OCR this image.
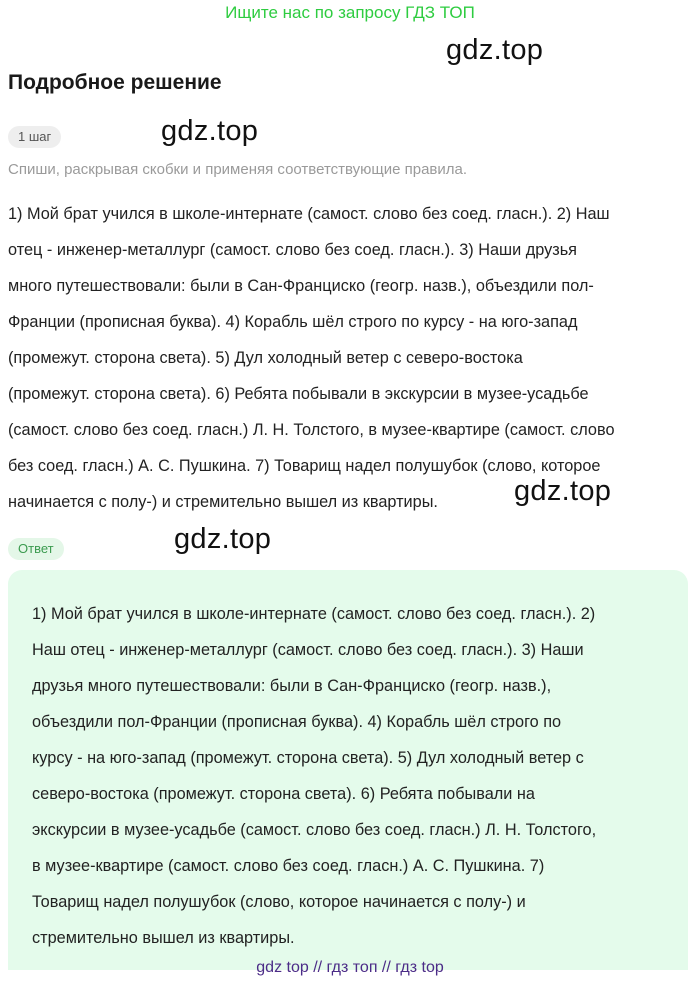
Ищите нас по запросу ГДЗ ТОП
gdz.top
gdz.top
gdz.top
gdz.top
Подробное решение
1 шаг
Спиши, раскрывая скобки и применяя соответствующие правила.
1) Мой брат учился в школе-интернате (самост. слово без соед. гласн.). 2) Наш
отец - инженер-металлург (самост. слово без соед. гласн.). 3) Наши друзья
много путешествовали: были в Сан-Франциско (геогр. назв.), объездили пол-
Франции (прописная буква). 4) Корабль шёл строго по курсу - на юго-запад
(промежут. сторона света). 5) Дул холодный ветер с северо-востока
(промежут. сторона света). 6) Ребята побывали в экскурсии в музее-усадьбе
(самост. слово без соед. гласн.) Л. Н. Толстого, в музее-квартире (самост. слово
без соед. гласн.) А. С. Пушкина. 7) Товарищ надел полушубок (слово, которое
начинается с полу-) и стремительно вышел из квартиры.
Ответ
1) Мой брат учился в школе-интернате (самост. слово без соед. гласн.). 2)
Наш отец - инженер-металлург (самост. слово без соед. гласн.). 3) Наши
друзья много путешествовали: были в Сан-Франциско (геогр. назв.),
объездили пол-Франции (прописная буква). 4) Корабль шёл строго по
курсу - на юго-запад (промежут. сторона света). 5) Дул холодный ветер с
северо-востока (промежут. сторона света). 6) Ребята побывали на
экскурсии в музее-усадьбе (самост. слово без соед. гласн.) Л. Н. Толстого,
в музее-квартире (самост. слово без соед. гласн.) А. С. Пушкина. 7)
Товарищ надел полушубок (слово, которое начинается с полу-) и
стремительно вышел из квартиры.
gdz top // гдз топ // гдз top
